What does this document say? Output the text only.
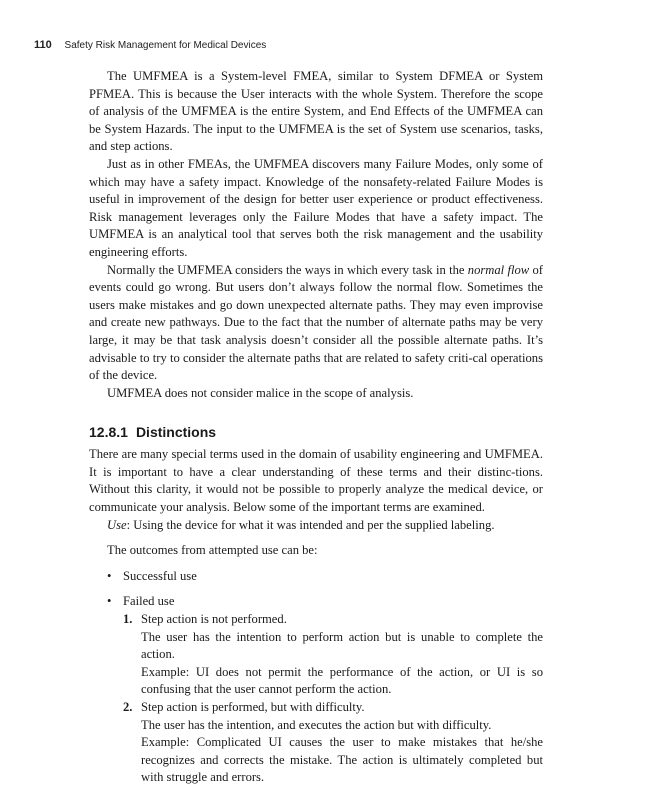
110 Safety Risk Management for Medical Devices

The UMFMEA is a System-level FMEA, similar to System DFMEA or System PFMEA. This is because the User interacts with the whole System. Therefore the scope of analysis of the UMFMEA is the entire System, and End Effects of the UMFMEA can be System Hazards. The input to the UMFMEA is the set of System use scenarios, tasks, and step actions.

Just as in other FMEAs, the UMFMEA discovers many Failure Modes, only some of which may have a safety impact. Knowledge of the nonsafety-related Failure Modes is useful in improvement of the design for better user experience or product effectiveness. Risk management leverages only the Failure Modes that have a safety impact. The UMFMEA is an analytical tool that serves both the risk management and the usability engineering efforts.

Normally the UMFMEA considers the ways in which every task in the normal flow of events could go wrong. But users don’t always follow the normal flow. Sometimes the users make mistakes and go down unexpected alternate paths. They may even improvise and create new pathways. Due to the fact that the number of alternate paths may be very large, it may be that task analysis doesn’t consider all the possible alternate paths. It’s advisable to try to consider the alternate paths that are related to safety criti-cal operations of the device.

UMFMEA does not consider malice in the scope of analysis.

12.8.1 Distinctions

There are many special terms used in the domain of usability engineering and UMFMEA. It is important to have a clear understanding of these terms and their distinc-tions. Without this clarity, it would not be possible to properly analyze the medical device, or communicate your analysis. Below some of the important terms are examined.

Use: Using the device for what it was intended and per the supplied labeling.

The outcomes from attempted use can be:

• Successful use
• Failed use
1. Step action is not performed.
The user has the intention to perform action but is unable to complete the action.
Example: UI does not permit the performance of the action, or UI is so confusing that the user cannot perform the action.
2. Step action is performed, but with difficulty.
The user has the intention, and executes the action but with difficulty.
Example: Complicated UI causes the user to make mistakes that he/she recognizes and corrects the mistake. The action is ultimately completed but with struggle and errors.
